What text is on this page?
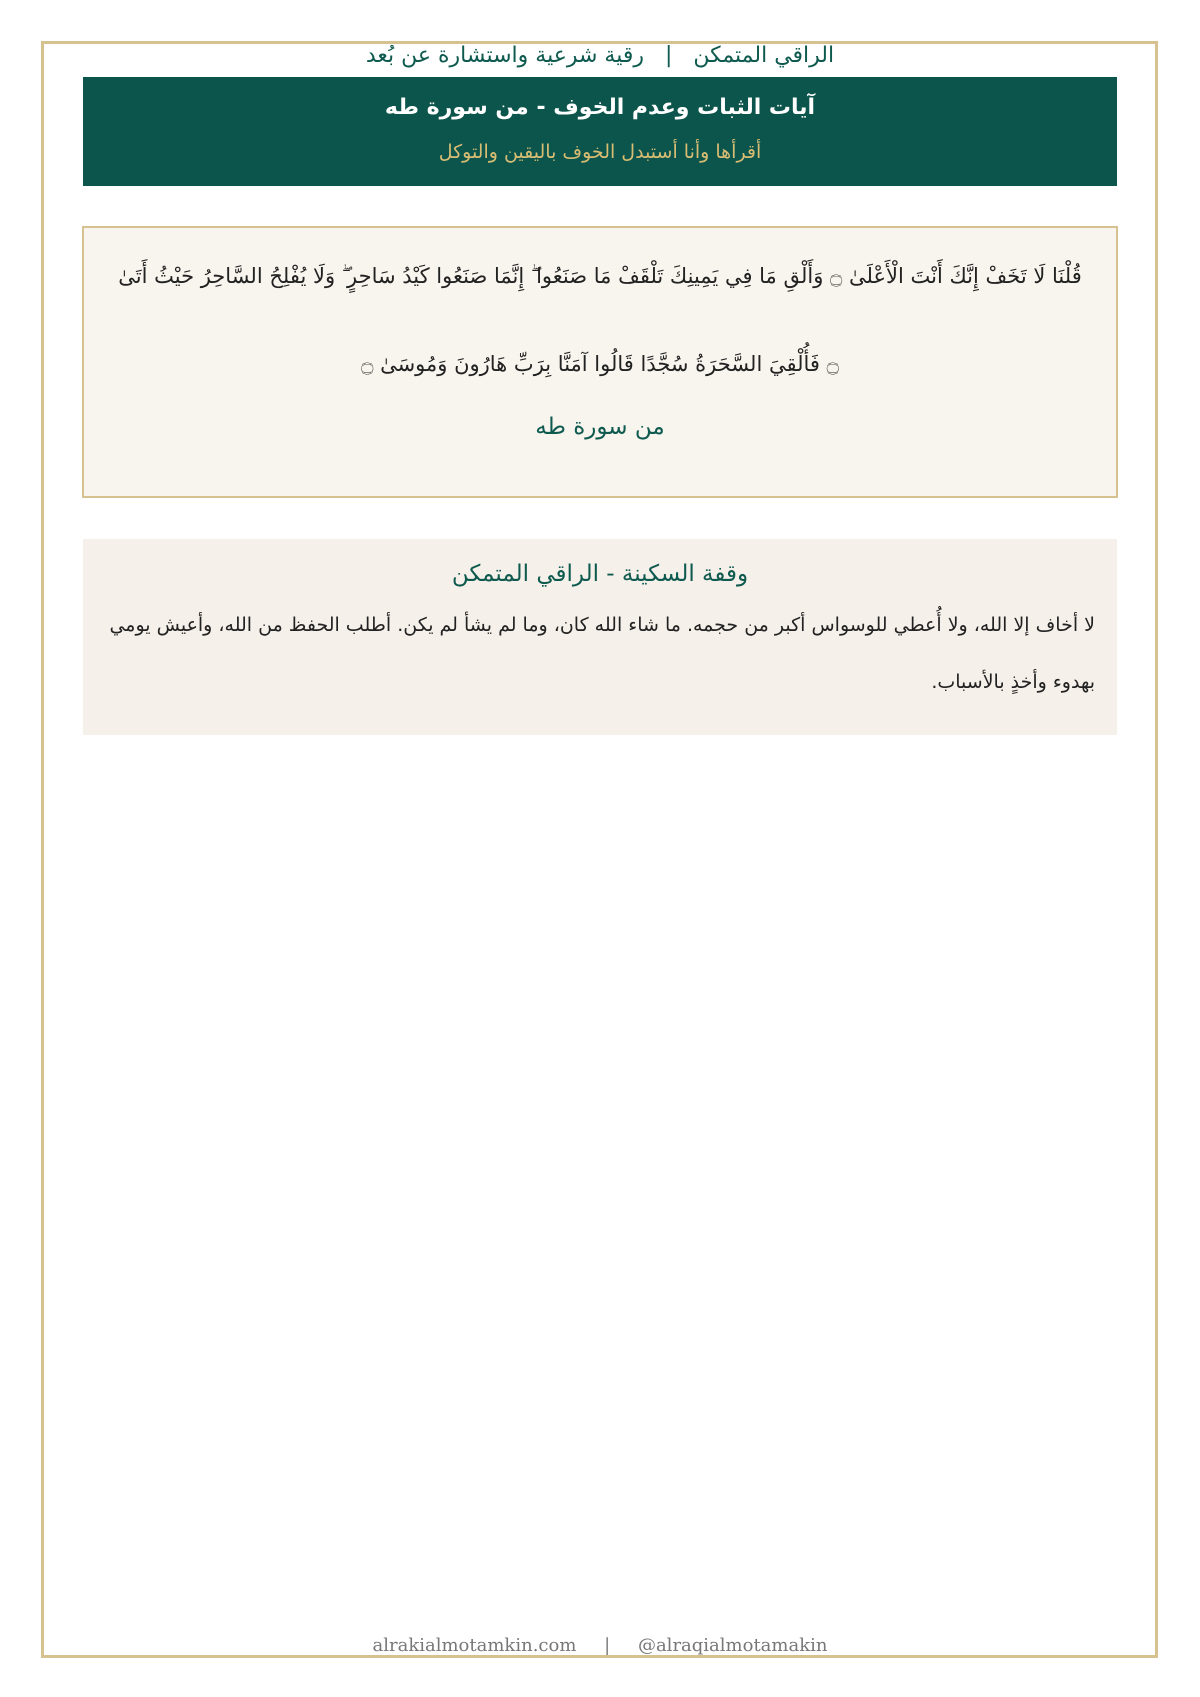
الراقي المتمكن | رقية شرعية واستشارة عن بُعد
آيات الثبات وعدم الخوف - من سورة طه
أقرأها وأنا أستبدل الخوف باليقين والتوكل
قُلْنَا لَا تَخَفْ إِنَّكَ أَنْتَ الْأَعْلَىٰ ۝ وَأَلْقِ مَا فِي يَمِينِكَ تَلْقَفْ مَا صَنَعُوا ۖ إِنَّمَا صَنَعُوا كَيْدُ سَاحِرٍ ۖ وَلَا يُفْلِحُ السَّاحِرُ حَيْثُ أَتَىٰ ۝ فَأُلْقِيَ السَّحَرَةُ سُجَّدًا قَالُوا آمَنَّا بِرَبِّ هَارُونَ وَمُوسَىٰ ۝
من سورة طه
وقفة السكينة - الراقي المتمكن
لا أخاف إلا الله، ولا أُعطي للوسواس أكبر من حجمه. ما شاء الله كان، وما لم يشأ لم يكن. أطلب الحفظ من الله، وأعيش يومي بهدوء وأخذٍ بالأسباب.
alrakialmotamkin.com | @alraqialmotamakin
